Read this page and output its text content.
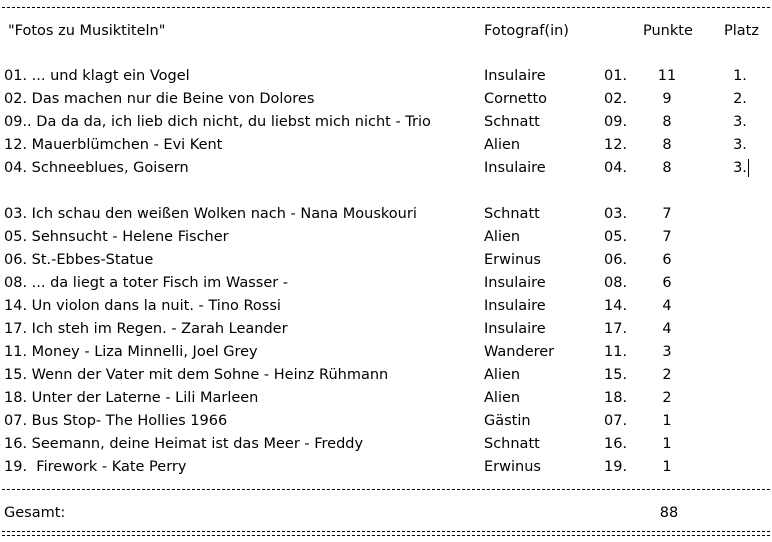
"Fotos zu Musiktiteln"	Fotograf(in)	Punkte Platz
01. ... und klagt ein Vogel	Insulaire	01.	11	1.
02. Das machen nur die Beine von Dolores	Cornetto	02.	9	2.
09.. Da da da, ich lieb dich nicht, du liebst mich nicht - Trio	Schnatt	09.	8	3.
12. Mauerblümchen - Evi Kent	Alien	12.	8	3.
04. Schneeblues, Goisern	Insulaire	04.	8	3.
03. Ich schau den weißen Wolken nach - Nana Mouskouri	Schnatt	03.	7
05. Sehnsucht - Helene Fischer	Alien	05.	7
06. St.-Ebbes-Statue	Erwinus	06.	6
08. ... da liegt a toter Fisch im Wasser -	Insulaire	08.	6
14. Un violon dans la nuit. - Tino Rossi	Insulaire	14.	4
17. Ich steh im Regen. - Zarah Leander	Insulaire	17.	4
11. Money - Liza Minnelli, Joel Grey	Wanderer	11.	3
15. Wenn der Vater mit dem Sohne - Heinz Rühmann	Alien	15.	2
18. Unter der Laterne - Lili Marleen	Alien	18.	2
07. Bus Stop- The Hollies 1966	Gästin	07.	1
16. Seemann, deine Heimat ist das Meer - Freddy	Schnatt	16.	1
19.  Firework - Kate Perry	Erwinus	19.	1
Gesamt:	88
